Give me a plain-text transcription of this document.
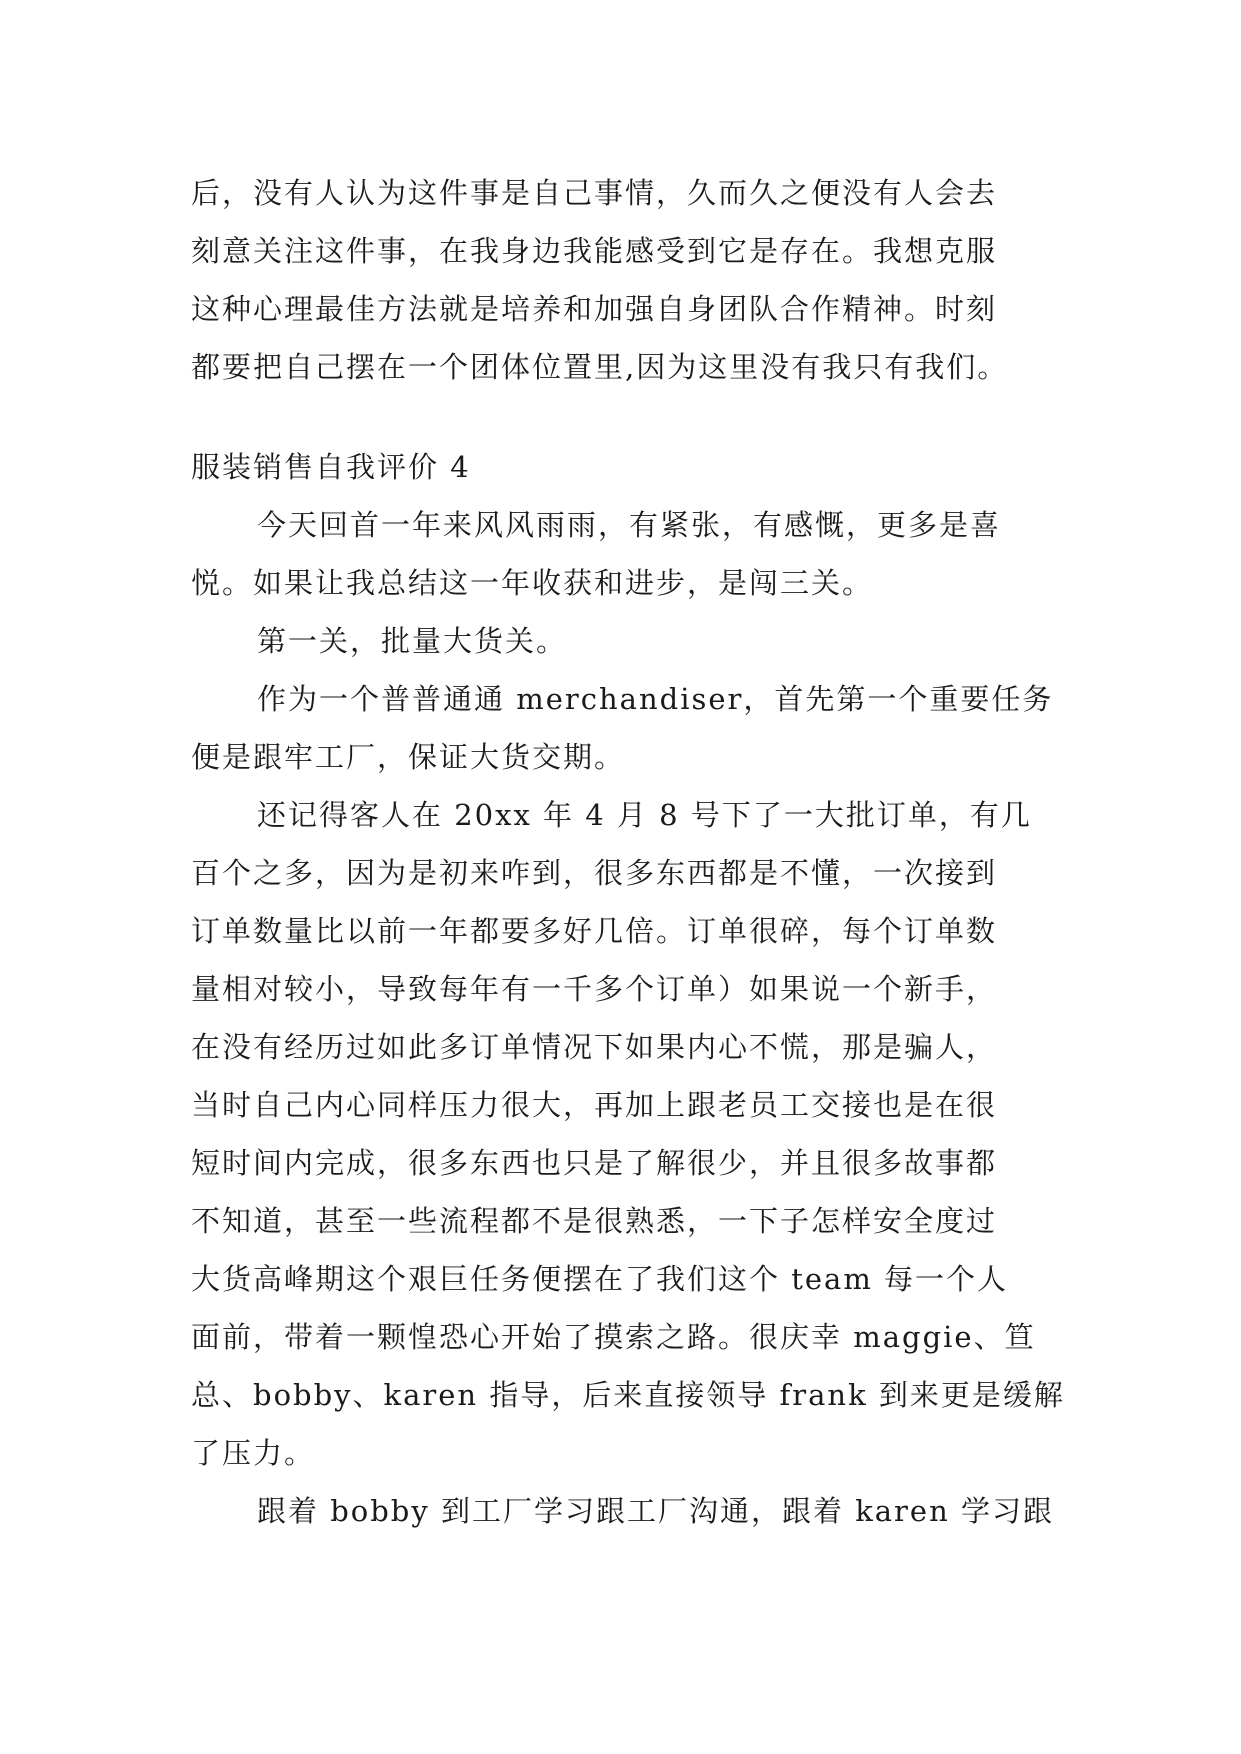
后，没有人认为这件事是自己事情，久而久之便没有人会去
刻意关注这件事，在我身边我能感受到它是存在。我想克服
这种心理最佳方法就是培养和加强自身团队合作精神。时刻
都要把自己摆在一个团体位置里,因为这里没有我只有我们。
服装销售自我评价 4
今天回首一年来风风雨雨，有紧张，有感慨，更多是喜
悦。如果让我总结这一年收获和进步，是闯三关。
第一关，批量大货关。
作为一个普普通通 merchandiser，首先第一个重要任务
便是跟牢工厂，保证大货交期。
还记得客人在 20xx 年 4 月 8 号下了一大批订单，有几
百个之多，因为是初来咋到，很多东西都是不懂，一次接到
订单数量比以前一年都要多好几倍。订单很碎，每个订单数
量相对较小，导致每年有一千多个订单）如果说一个新手，
在没有经历过如此多订单情况下如果内心不慌，那是骗人，
当时自己内心同样压力很大，再加上跟老员工交接也是在很
短时间内完成，很多东西也只是了解很少，并且很多故事都
不知道，甚至一些流程都不是很熟悉，一下子怎样安全度过
大货高峰期这个艰巨任务便摆在了我们这个 team 每一个人
面前，带着一颗惶恐心开始了摸索之路。很庆幸 maggie、笪
总、bobby、karen 指导，后来直接领导 frank 到来更是缓解
了压力。
跟着 bobby 到工厂学习跟工厂沟通，跟着 karen 学习跟
